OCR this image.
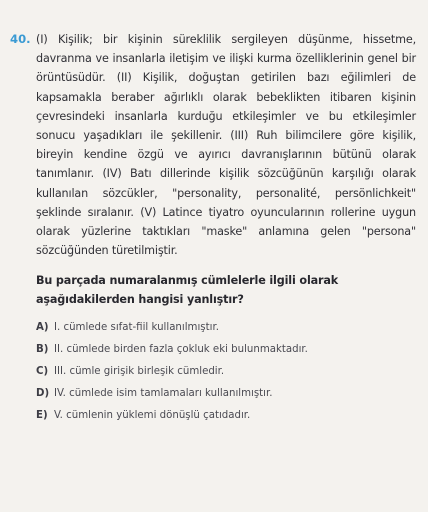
40. (I) Kişilik; bir kişinin süreklilik sergileyen düşünme, hissetme, davranma ve insanlarla iletişim ve ilişki kurma özelliklerinin genel bir örüntüsüdür. (II) Kişilik, doğuştan getirilen bazı eğilimleri de kapsamakla beraber ağırlıklı olarak bebeklikten itibaren kişinin çevresindeki insanlarla kurduğu etkileşimler ve bu etkileşimler sonucu yaşadıkları ile şekillenir. (III) Ruh bilimcilere göre kişilik, bireyin kendine özgü ve ayırıcı davranışlarının bütünü olarak tanımlanır. (IV) Batı dillerinde kişilik sözcüğünün karşılığı olarak kullanılan sözcükler, "personality, personalité, persönlichkeit" şeklinde sıralanır. (V) Latince tiyatro oyuncularının rollerine uygun olarak yüzlerine taktıkları "maske" anlamına gelen "persona" sözcüğünden türetilmiştir.

Bu parçada numaralanmış cümlelerle ilgili olarak aşağıdakilerden hangisi yanlıştır?

A) I. cümlede sıfat-fiil kullanılmıştır.
B) II. cümlede birden fazla çokluk eki bulunmaktadır.
C) III. cümle girişik birleşik cümledir.
D) IV. cümlede isim tamlamaları kullanılmıştır.
E) V. cümlenin yüklemi dönüşlü çatıdadır.
